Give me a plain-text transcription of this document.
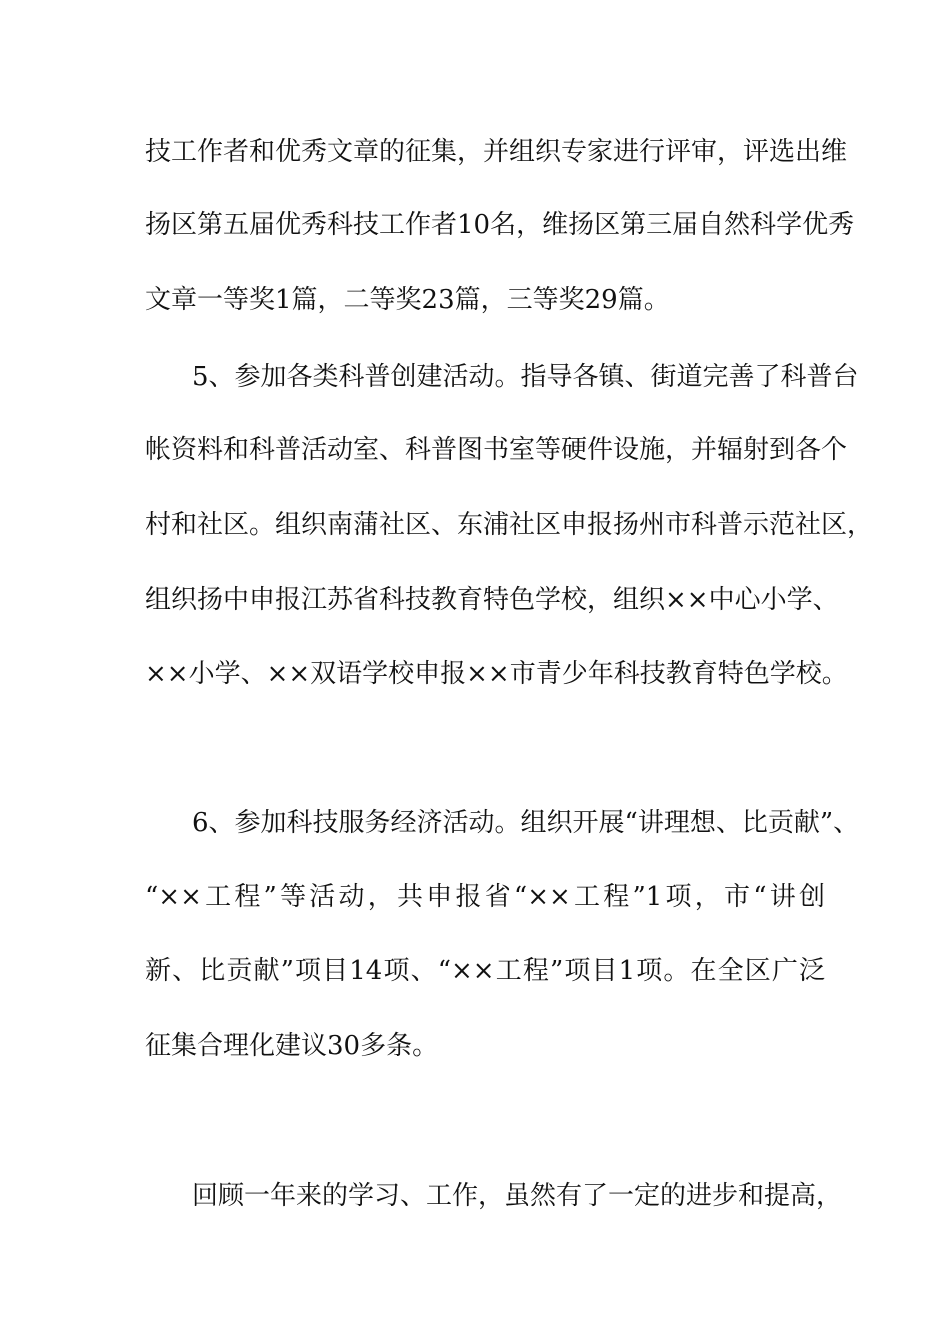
技工作者和优秀文章的征集，并组织专家进行评审，评选出维
扬区第五届优秀科技工作者10名，维扬区第三届自然科学优秀
文章一等奖1篇，二等奖23篇，三等奖29篇。
5、参加各类科普创建活动。指导各镇、街道完善了科普台
帐资料和科普活动室、科普图书室等硬件设施，并辐射到各个
村和社区。组织南蒲社区、东浦社区申报扬州市科普示范社区，
组织扬中申报江苏省科技教育特色学校，组织××中心小学、
××小学、××双语学校申报××市青少年科技教育特色学校。
6、参加科技服务经济活动。组织开展“讲理想、比贡献”、
“××工程”等活动，共申报省“××工程”1项，市“讲创
新、比贡献”项目14项、“××工程”项目1项。在全区广泛
征集合理化建议30多条。
回顾一年来的学习、工作，虽然有了一定的进步和提高，
